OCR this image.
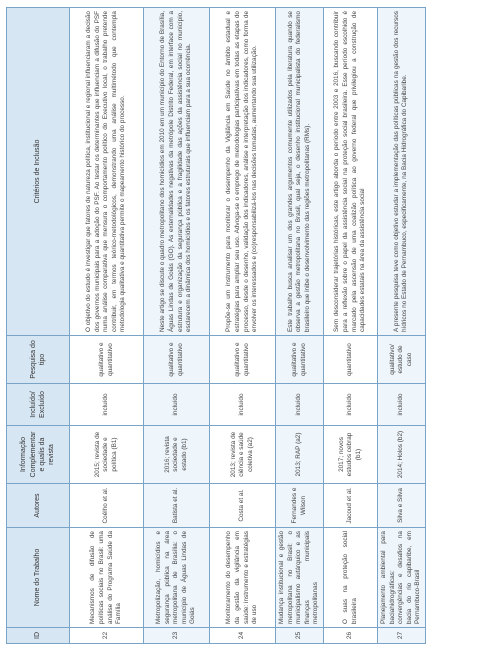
ID	Nome do Trabalho	Autores	Informação Complementar e qualis da revista	Incluído/ Excluído	Pesquisa do tipo	Critérios de Inclusão
22	Mecanismos de difusão de políticas sociais no Brasil: uma análise do Programa Saúde da Família	Coêlho et al.	2015; revista de sociedade e política (B1)	incluído	qualitativo e quantitativo	O objetivo do estudo é investigar que fatores de natureza política, institucional e regional influenciaram a decisão dos governos municipais para a adoção do PSF. Ao testar os determinantes que influenciam a difusão do PSF numa análise comparativa que mensura o comportamento político do Executivo local, o trabalho pretende contribuir, em termos teórico-metodológicos, demonstrando uma análise multimétodo que contempla metodologia qualitativa e quantitativa permite o mapeamento histórico do processo.
23	Metropolização, homicídios e segurança pública na área metropolitana de Brasília: o município de Águas Lindas de Goiás	Batista et al.	2016; revista sociedade e estado (b1)	incluído	qualitativo e quantitativo	Neste artigo se discute o quadro metropolitano dos homicídios em 2010 em um município do Entorno de Brasília, Águas Lindas de Goiás (GO). As externalidades negativas da metrópole Distrito Federal, em interface com a estrutura e organização da segurança pública e a fragilidade das ações da assistência social no município, esclarecem a dinâmica dos homicídios e os fatores estruturais que influenciam para a sua ocorrência.
24	Monitoramento do desempenho da gestão da vigilância em saúde: instrumento e estratégias de uso	Costa et al.	2013; revista de ciência e saúde coletiva (a2)	incluído	qualitativo e quantitativo	Propõe-se um instrumento para monitorar o desempenho da Vigilância em Saúde no âmbito estadual e estratégias para ampliar seu uso. Advoga-se o emprego de metodologias participativas em todas as etapas do processo, desde o desenho, validação dos indicadores, análise e interpretação dos indicadores, como forma de envolver os interessados e (co)responsabilizá-los nas decisões tomadas, aumentando sua utilização.
25	Mudança institucional e gestão metropolitana no Brasil: o municipalismo autárquico e as finanças municipais metropolitanas	Fernandes e Wilson	2013; RAP (a2)	incluído	qualitativo e quantitativo	Este trabalho busca analisar um dos grandes argumentos comumente utilizados pela literatura quando se observa a gestão metropolitana no Brasil, qual seja, o desenho institucional municipalista do federalismo brasileiro que inibe o desenvolvimento das regiões metropolitanas (RMs).
26	O suas na proteção social brasileira	Jacoud et al.	2017; novos estudos cebrap (b1)	incluído	quantitativo	Sem desconsiderar trajetórias históricas, este artigo aborda o período entre 2003 e 2016, buscando contribuir para a reflexão sobre o papel da assistência social na proteção social brasileira. Esse período escolhido é marcado pela ascensão de uma coalizão política ao governo federal que privilegiou a construção de capacidades estatais na área da assistência social
27	Planejamento ambiental para baciahidrográficas: convergências e desafios na bacia do rio capibaribe, em Pernambuco-Brasil	Silva e Silva	2014; Holos (b2)	incluído	qualitativo/ estudo de caso	A presente pesquisa teve como objetivo estudar a implementação das políticas públicas na gestão dos recursos hídricos no Estado de Pernambuco, especificamente, na Bacia Hidrográfica do Capibaribe.
